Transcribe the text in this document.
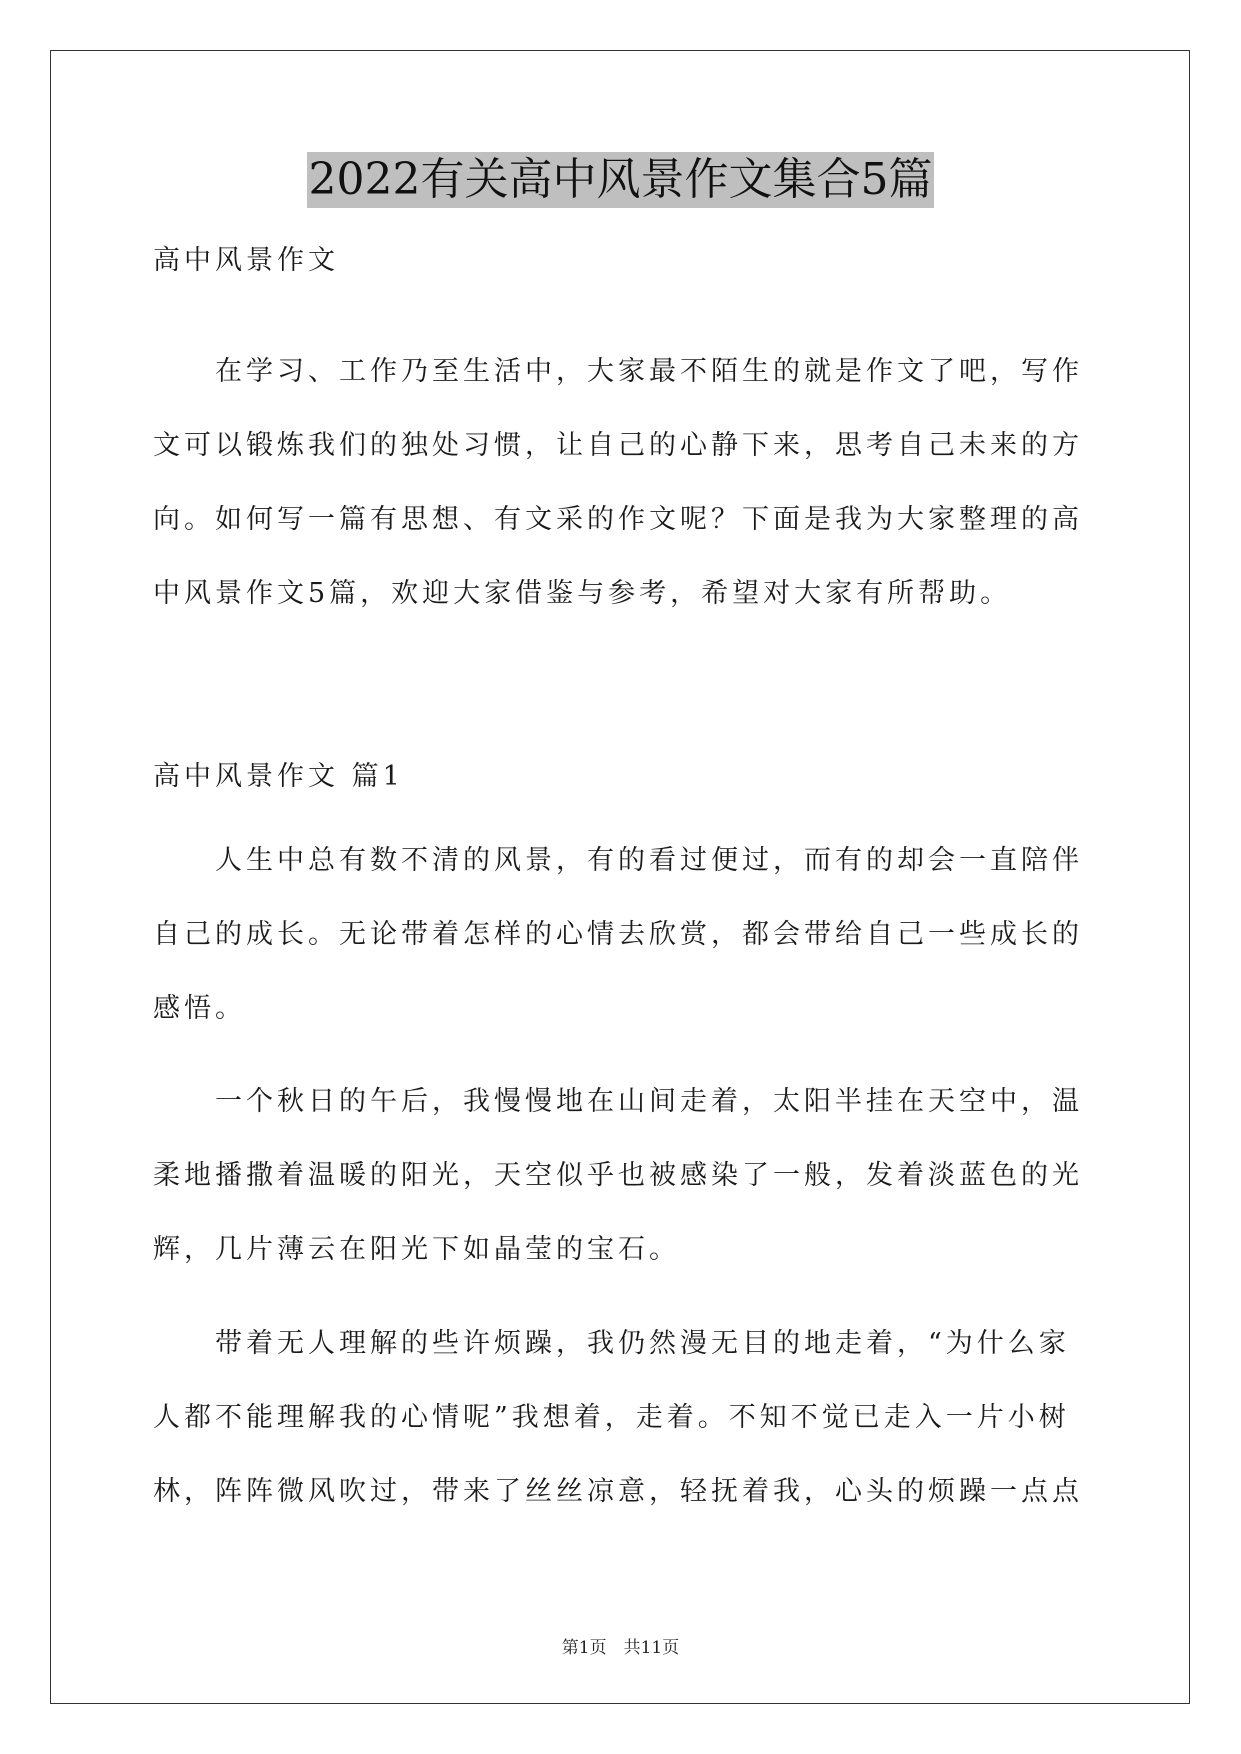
2022有关高中风景作文集合5篇
高中风景作文
　　在学习、工作乃至生活中，大家最不陌生的就是作文了吧，写作
文可以锻炼我们的独处习惯，让自己的心静下来，思考自己未来的方
向。如何写一篇有思想、有文采的作文呢？下面是我为大家整理的高
中风景作文5篇，欢迎大家借鉴与参考，希望对大家有所帮助。
高中风景作文 篇1
　　人生中总有数不清的风景，有的看过便过，而有的却会一直陪伴
自己的成长。无论带着怎样的心情去欣赏，都会带给自己一些成长的
感悟。
　　一个秋日的午后，我慢慢地在山间走着，太阳半挂在天空中，温
柔地播撒着温暖的阳光，天空似乎也被感染了一般，发着淡蓝色的光
辉，几片薄云在阳光下如晶莹的宝石。
　　带着无人理解的些许烦躁，我仍然漫无目的地走着，“为什么家
人都不能理解我的心情呢”我想着，走着。不知不觉已走入一片小树
林，阵阵微风吹过，带来了丝丝凉意，轻抚着我，心头的烦躁一点点
第1页　共11页
